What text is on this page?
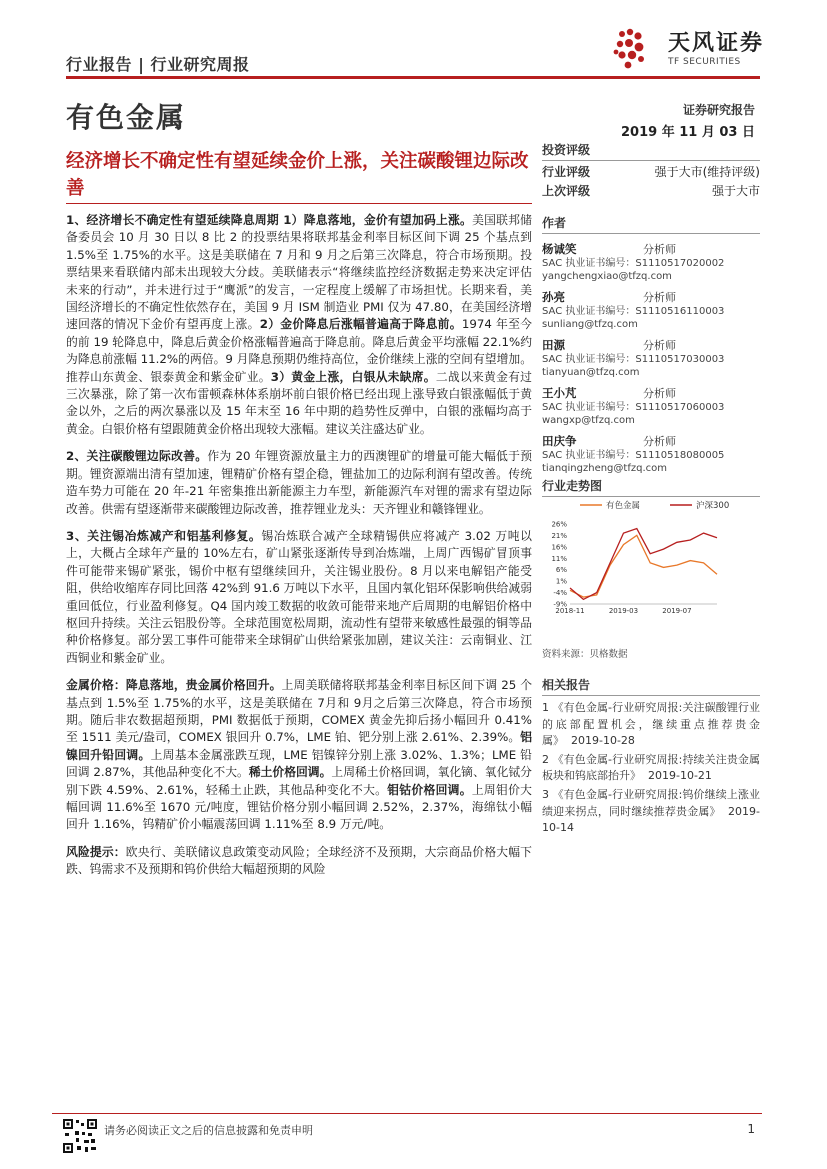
行业报告 | 行业研究周报
天风证券
TF SECURITIES
有色金属	证券研究报告
2019 年 11 月 03 日
经济增长不确定性有望延续金价上涨，关注碳酸锂边际改善

1、经济增长不确定性有望延续降息周期 1）降息落地，金价有望加码上涨。美国联邦储备委员会 10 月 30 日以 8 比 2 的投票结果将联邦基金利率目标区间下调 25 个基点到 1.5%至 1.75%的水平。这是美联储在 7 月和 9 月之后第三次降息，符合市场预期。投票结果来看联储内部未出现较大分歧。美联储表示“将继续监控经济数据走势来决定评估未来的行动”，并未进行过于“鹰派”的发言，一定程度上缓解了市场担忧。长期来看，美国经济增长的不确定性依然存在，美国 9 月 ISM 制造业 PMI 仅为 47.80，在美国经济增速回落的情况下金价有望再度上涨。2）金价降息后涨幅普遍高于降息前。1974 年至今的前 19 轮降息中，降息后黄金价格涨幅普遍高于降息前。降息后黄金平均涨幅 22.1%约为降息前涨幅 11.2%的两倍。9 月降息预期仍维持高位，金价继续上涨的空间有望增加。推荐山东黄金、银泰黄金和紫金矿业。3）黄金上涨，白银从未缺席。二战以来黄金有过三次暴涨，除了第一次布雷顿森林体系崩坏前白银价格已经出现上涨导致白银涨幅低于黄金以外，之后的两次暴涨以及 15 年末至 16 年中期的趋势性反弹中，白银的涨幅均高于黄金。白银价格有望跟随黄金价格出现较大涨幅。建议关注盛达矿业。

2、关注碳酸锂边际改善。作为 20 年锂资源放量主力的西澳锂矿的增量可能大幅低于预期。锂资源端出清有望加速，锂精矿价格有望企稳，锂盐加工的边际利润有望改善。传统造车势力可能在 20 年-21 年密集推出新能源主力车型，新能源汽车对锂的需求有望边际改善。供需有望逐渐带来碳酸锂边际改善，推荐锂业龙头：天齐锂业和赣锋锂业。

3、关注锡冶炼减产和铝基利修复。锡冶炼联合减产全球精锡供应将减产 3.02 万吨以上，大概占全球年产量的 10%左右，矿山紧张逐渐传导到冶炼端，上周广西锡矿冒顶事件可能带来锡矿紧张，锡价中枢有望继续回升，关注锡业股份。8 月以来电解铝产能受阻，供给收缩库存同比回落 42%到 91.6 万吨以下水平，且国内氧化铝环保影响供给减弱重回低位，行业盈利修复。Q4 国内竣工数据的收敛可能带来地产后周期的电解铝价格中枢回升持续。关注云铝股份等。全球范围宽松周期，流动性有望带来敏感性最强的铜等品种价格修复。部分罢工事件可能带来全球铜矿山供给紧张加剧，建议关注：云南铜业、江西铜业和紫金矿业。

金属价格：降息落地，贵金属价格回升。上周美联储将联邦基金利率目标区间下调 25 个基点到 1.5%至 1.75%的水平，这是美联储在 7月和 9月之后第三次降息，符合市场预期。随后非农数据超预期，PMI 数据低于预期，COMEX 黄金先抑后扬小幅回升 0.41%至 1511 美元/盎司，COMEX 银回升 0.7%，LME 铂、钯分别上涨 2.61%、2.39%。铝镍回升铅回调。上周基本金属涨跌互现，LME 铝镍锌分别上涨 3.02%、1.3%；LME 铅回调 2.87%，其他品种变化不大。稀土价格回调。上周稀土价格回调，氧化镝、氧化铽分别下跌 4.59%、2.61%，轻稀土止跌，其他品种变化不大。钼钴价格回调。上周钼价大幅回调 11.6%至 1670 元/吨度，锂钴价格分别小幅回调 2.52%，2.37%，海绵钛小幅回升 1.16%，钨精矿价小幅震荡回调 1.11%至 8.9 万元/吨。

风险提示：欧央行、美联储议息政策变动风险；全球经济不及预期，大宗商品价格大幅下跌、钨需求不及预期和钨价供给大幅超预期的风险

投资评级
行业评级	强于大市(维持评级)
上次评级	强于大市
作者
杨诚笑	分析师
SAC 执业证书编号：S1110517020002
yangchengxiao@tfzq.com
孙亮	分析师
SAC 执业证书编号：S1110516110003
sunliang@tfzq.com
田源	分析师
SAC 执业证书编号：S1110517030003
tianyuan@tfzq.com
王小芃	分析师
SAC 执业证书编号：S1110517060003
wangxp@tfzq.com
田庆争	分析师
SAC 执业证书编号：S1110518080005
tianqingzheng@tfzq.com
行业走势图
有色金属	沪深300
26%
21%
16%
11%
6%
1%
-4%
-9%
2018-11	2019-03	2019-07
资料来源：贝格数据
相关报告

1 《有色金属-行业研究周报:关注碳酸锂行业的底部配置机会，继续重点推荐贵金属》 2019-10-28

2 《有色金属-行业研究周报:持续关注贵金属板块和钨底部抬升》 2019-10-21

3 《有色金属-行业研究周报:钨价继续上涨业绩迎来拐点，同时继续推荐贵金属》 2019-10-14

请务必阅读正文之后的信息披露和免责申明	1
